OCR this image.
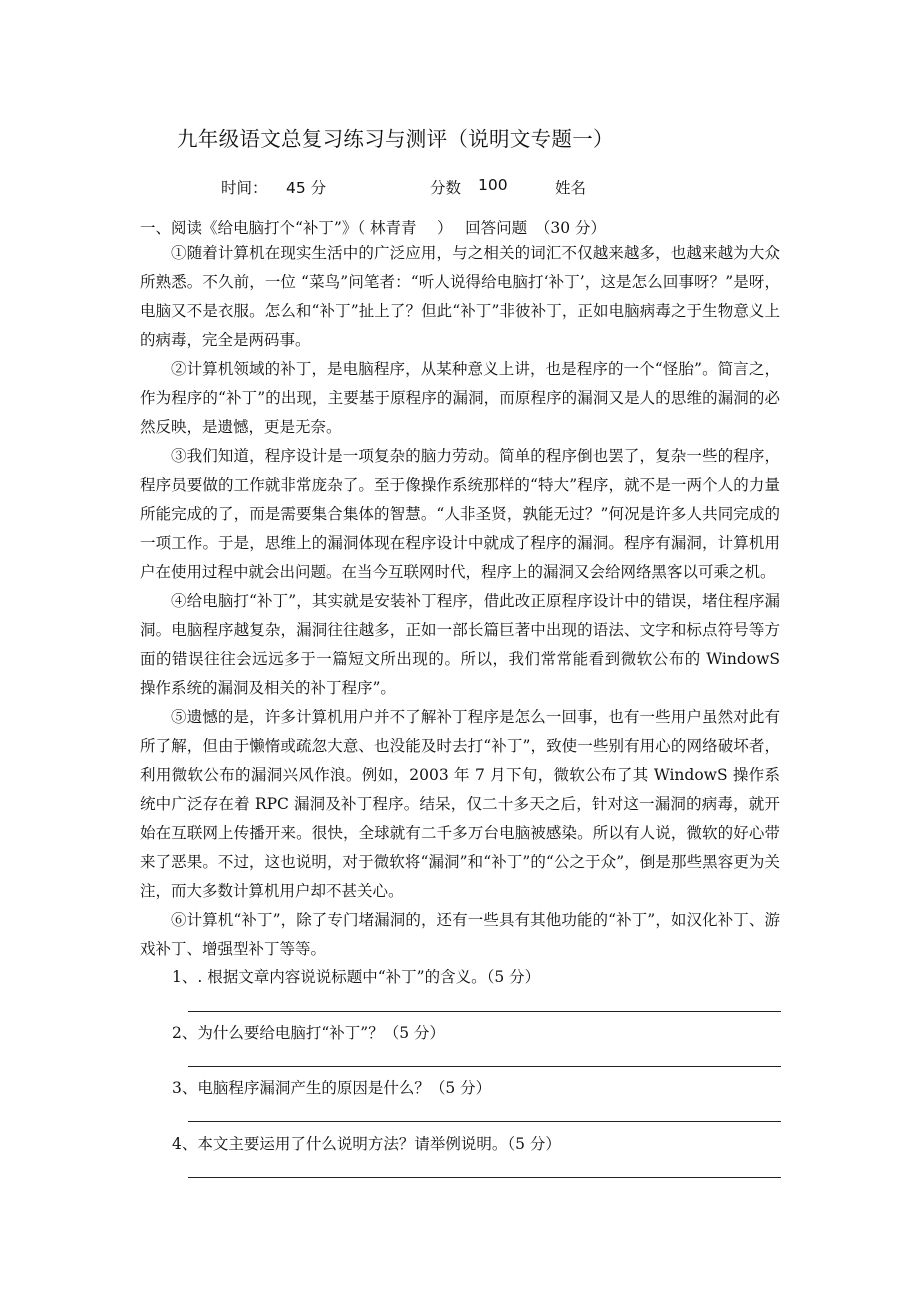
九年级语文总复习练习与测评（说明文专题一）
时间： 45 分	分数 100	姓名
一、阅读《给电脑打个“补丁”》（ 林青青　 ）　 回答问题　（30 分）

①随着计算机在现实生活中的广泛应用，与之相关的词汇不仅越来越多，也越来越为大众所熟悉。不久前，一位 “菜鸟”问笔者：“听人说得给电脑打‘补丁’，这是怎么回事呀？”是呀，电脑又不是衣服。怎么和“补丁”扯上了？但此“补丁”非彼补丁，正如电脑病毒之于生物意义上的病毒，完全是两码事。

②计算机领域的补丁，是电脑程序，从某种意义上讲，也是程序的一个“怪胎”。简言之，作为程序的“补丁”的出现，主要基于原程序的漏洞，而原程序的漏洞又是人的思维的漏洞的必然反映，是遗憾，更是无奈。

③我们知道，程序设计是一项复杂的脑力劳动。简单的程序倒也罢了，复杂一些的程序，程序员要做的工作就非常庞杂了。至于像操作系统那样的“特大”程序，就不是一两个人的力量所能完成的了，而是需要集合集体的智慧。“人非圣贤，孰能无过？”何况是许多人共同完成的一项工作。于是，思维上的漏洞体现在程序设计中就成了程序的漏洞。程序有漏洞，计算机用户在使用过程中就会出问题。在当今互联网时代，程序上的漏洞又会给网络黑客以可乘之机。

④给电脑打“补丁”，其实就是安装补丁程序，借此改正原程序设计中的错误，堵住程序漏洞。电脑程序越复杂，漏洞往往越多，正如一部长篇巨著中出现的语法、文字和标点符号等方面的错误往往会远远多于一篇短文所出现的。所以，我们常常能看到微软公布的 WindowS 操作系统的漏洞及相关的补丁程序”。

⑤遗憾的是，许多计算机用户并不了解补丁程序是怎么一回事，也有一些用户虽然对此有所了解，但由于懒惰或疏忽大意、也没能及时去打“补丁”，致使一些别有用心的网络破坏者，利用微软公布的漏洞兴风作浪。例如，2003 年 7 月下旬，微软公布了其 WindowS 操作系统中广泛存在着 RPC 漏洞及补丁程序。结呆，仅二十多天之后，针对这一漏洞的病毒，就开始在互联网上传播开来。很快，全球就有二千多万台电脑被感染。所以有人说，微软的好心带来了恶果。不过，这也说明，对于微软将“漏洞”和“补丁”的“公之于众”，倒是那些黑容更为关注，而大多数计算机用户却不甚关心。

⑥计算机“补丁”，除了专门堵漏洞的，还有一些具有其他功能的“补丁”，如汉化补丁、游戏补丁、增强型补丁等等。

1、. 根据文章内容说说标题中“补丁”的含义。（5 分）
2、为什么要给电脑打“补丁”？（5 分）
3、电脑程序漏洞产生的原因是什么？（5 分）
4、本文主要运用了什么说明方法？请举例说明。（5 分）
